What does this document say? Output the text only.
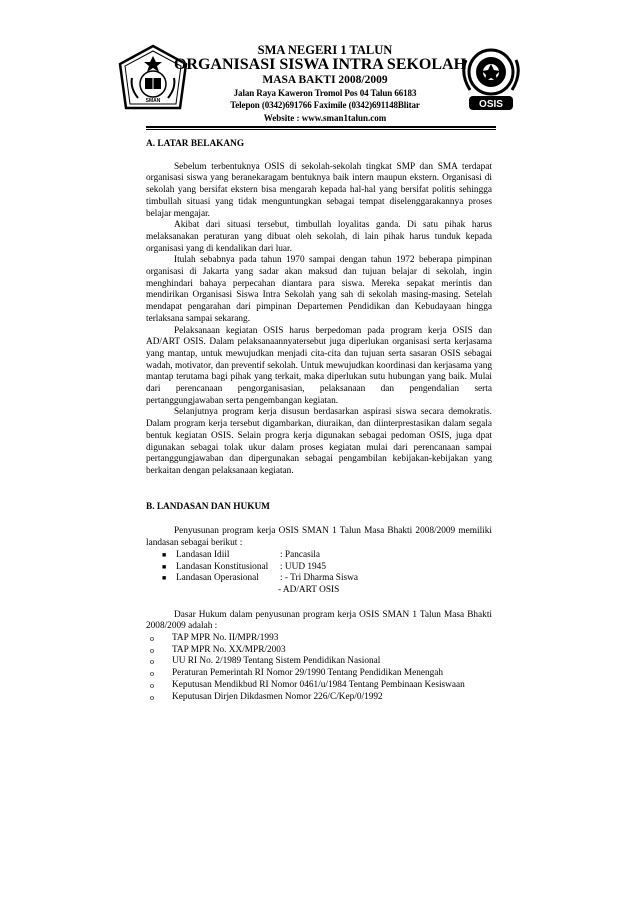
SMAN	OSIS
SMA NEGERI 1 TALUN
ORGANISASI SISWA INTRA SEKOLAH
MASA BAKTI 2008/2009
Jalan Raya Kaweron Tromol Pos 04 Talun 66183
Telepon (0342)691766 Faximile (0342)691148Blitar
Website : www.sman1talun.com
A. LATAR BELAKANG

Sebelum terbentuknya OSIS di sekolah-sekolah tingkat SMP dan SMA terdapat organisasi siswa yang beranekaragam bentuknya baik intern maupun ekstern. Organisasi di sekolah yang bersifat ekstern bisa mengarah kepada hal-hal yang bersifat politis sehingga timbullah situasi yang tidak menguntungkan sebagai tempat diselenggarakannya proses belajar mengajar.

Akibat dari situasi tersebut, timbullah loyalitas ganda. Di satu pihak harus melaksanakan peraturan yang dibuat oleh sekolah, di lain pihak harus tunduk kepada organisasi yang di kendalikan dari luar.

Itulah sebabnya pada tahun 1970 sampai dengan tahun 1972 beberapa pimpinan organisasi di Jakarta yang sadar akan maksud dan tujuan belajar di sekolah, ingin menghindari bahaya perpecahan diantara para siswa. Mereka sepakat merintis dan mendirikan Organisasi Siswa Intra Sekolah yang sah di sekolah masing-masing. Setelah mendapat pengarahan dari pimpinan Departemen Pendidikan dan Kebudayaan hingga terlaksana sampai sekarang.

Pelaksanaan kegiatan OSIS harus berpedoman pada program kerja OSIS dan AD/ART OSIS. Dalam pelaksanaannyatersebut juga diperlukan organisasi serta kerjasama yang mantap, untuk mewujudkan menjadi cita-cita dan tujuan serta sasaran OSIS sebagai wadah, motivator, dan preventif sekolah. Untuk mewujudkan koordinasi dan kerjasama yang mantap terutama bagi pihak yang terkait, maka diperlukan sutu hubungan yang baik. Mulai dari perencanaan pengorganisasian, pelaksanaan dan pengendalian serta pertanggungjawaban serta pengembangan kegiatan.

Selanjutnya program kerja disusun berdasarkan aspirasi siswa secara demokratis. Dalam program kerja tersebut digambarkan, diuraikan, dan diinterprestasikan dalam segala bentuk kegiatan OSIS. Selain progra kerja digunakan sebagai pedoman OSIS, juga dpat digunakan sebagai tolak ukur dalam proses kegiatan mulai dari perencanaan sampai pertanggungjawaban dan dipergunakan sebagai pengambilan kebijakan-kebijakan yang berkaitan dengan pelaksanaan kegiatan.

B. LANDASAN DAN HUKUM

Penyusunan program kerja OSIS SMAN 1 Talun Masa Bhakti 2008/2009 memiliki landasan sebagai berikut :

■ Landasan Idiil	: Pancasila
■ Landasan Konstitusional : UUD 1945
■ Landasan Operasional : - Tri Dharma Siswa
- AD/ART OSIS

Dasar Hukum dalam penyusunan program kerja OSIS SMAN 1 Talun Masa Bhakti 2008/2009 adalah :

o TAP MPR No. II/MPR/1993
o TAP MPR No. XX/MPR/2003
o UU RI No. 2/1989 Tentang Sistem Pendidikan Nasional
o Peraturan Pemerintah RI Nomor 29/1990 Tentang Pendidikan Menengah
o Keputusan Mendikbud RI Nomor 0461/u/1984 Tentang Pembinaan Kesiswaan
o Keputusan Dirjen Dikdasmen Nomor 226/C/Kep/0/1992
